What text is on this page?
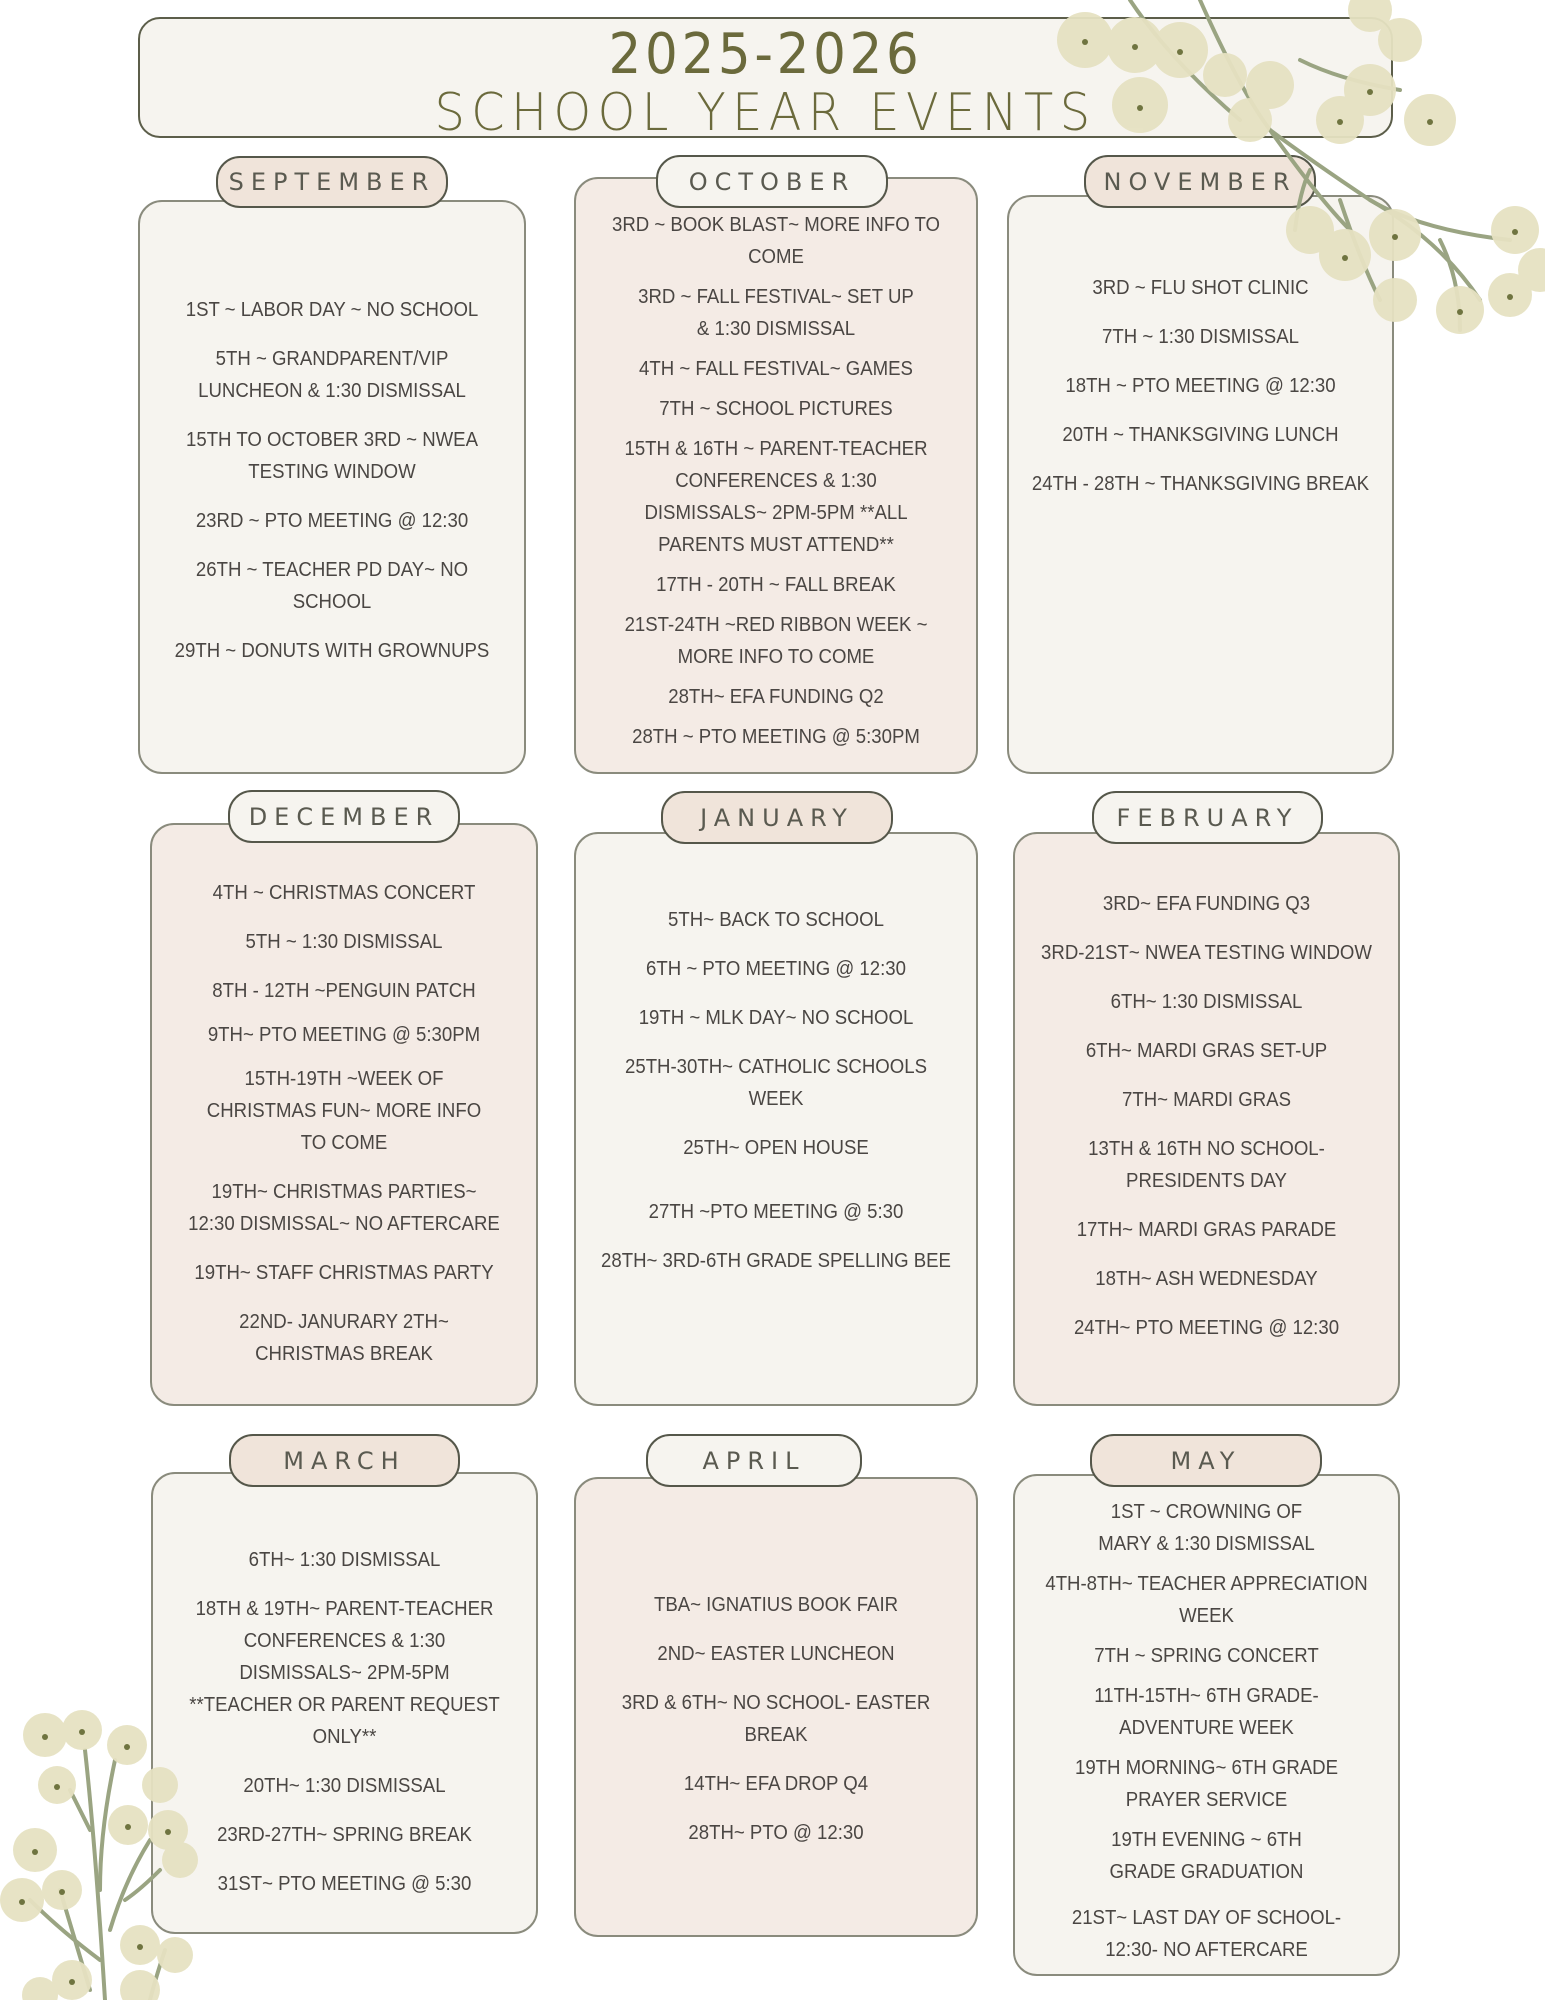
2025-2026
SCHOOL YEAR EVENTS
1ST ~ LABOR DAY ~ NO SCHOOL
5TH ~ GRANDPARENT/VIP LUNCHEON & 1:30 DISMISSAL
15TH TO OCTOBER 3RD ~ NWEA TESTING WINDOW
23RD ~ PTO MEETING @ 12:30
26TH ~ TEACHER PD DAY~ NO SCHOOL
29TH ~ DONUTS WITH GROWNUPS
SEPTEMBER
3RD ~ BOOK BLAST~ MORE INFO TO COME
3RD ~ FALL FESTIVAL~ SET UP & 1:30 DISMISSAL
4TH ~ FALL FESTIVAL~ GAMES
7TH ~ SCHOOL PICTURES
15TH & 16TH ~ PARENT-TEACHER CONFERENCES & 1:30 DISMISSALS~ 2PM-5PM **ALL PARENTS MUST ATTEND**
17TH - 20TH ~ FALL BREAK
21ST-24TH ~RED RIBBON WEEK ~ MORE INFO TO COME
28TH~ EFA FUNDING Q2
28TH ~ PTO MEETING @ 5:30PM
OCTOBER
3RD ~ FLU SHOT CLINIC
7TH ~ 1:30 DISMISSAL
18TH ~ PTO MEETING @ 12:30
20TH ~ THANKSGIVING LUNCH
24TH - 28TH ~ THANKSGIVING BREAK
NOVEMBER
4TH ~ CHRISTMAS CONCERT
5TH ~ 1:30 DISMISSAL
8TH - 12TH ~PENGUIN PATCH
9TH~ PTO MEETING @ 5:30PM
15TH-19TH ~WEEK OF CHRISTMAS FUN~ MORE INFO TO COME
19TH~ CHRISTMAS PARTIES~ 12:30 DISMISSAL~ NO AFTERCARE
19TH~ STAFF CHRISTMAS PARTY
22ND- JANURARY 2TH~ CHRISTMAS BREAK
DECEMBER
5TH~ BACK TO SCHOOL
6TH ~ PTO MEETING @ 12:30
19TH ~ MLK DAY~ NO SCHOOL
25TH-30TH~ CATHOLIC SCHOOLS WEEK
25TH~ OPEN HOUSE
27TH ~PTO MEETING @ 5:30
28TH~ 3RD-6TH GRADE SPELLING BEE
JANUARY
3RD~ EFA FUNDING Q3
3RD-21ST~ NWEA TESTING WINDOW
6TH~ 1:30 DISMISSAL
6TH~ MARDI GRAS SET-UP
7TH~ MARDI GRAS
13TH & 16TH NO SCHOOL- PRESIDENTS DAY
17TH~ MARDI GRAS PARADE
18TH~ ASH WEDNESDAY
24TH~ PTO MEETING @ 12:30
FEBRUARY
6TH~ 1:30 DISMISSAL
18TH & 19TH~ PARENT-TEACHER CONFERENCES & 1:30 DISMISSALS~ 2PM-5PM **TEACHER OR PARENT REQUEST ONLY**
20TH~ 1:30 DISMISSAL
23RD-27TH~ SPRING BREAK
31ST~ PTO MEETING @ 5:30
MARCH
TBA~ IGNATIUS BOOK FAIR
2ND~ EASTER LUNCHEON
3RD & 6TH~ NO SCHOOL- EASTER BREAK
14TH~ EFA DROP Q4
28TH~ PTO @ 12:30
APRIL
1ST ~ CROWNING OF MARY & 1:30 DISMISSAL
4TH-8TH~ TEACHER APPRECIATION WEEK
7TH ~ SPRING CONCERT
11TH-15TH~ 6TH GRADE- ADVENTURE WEEK
19TH MORNING~ 6TH GRADE PRAYER SERVICE
19TH EVENING ~ 6TH GRADE GRADUATION
21ST~ LAST DAY OF SCHOOL- 12:30- NO AFTERCARE
MAY
